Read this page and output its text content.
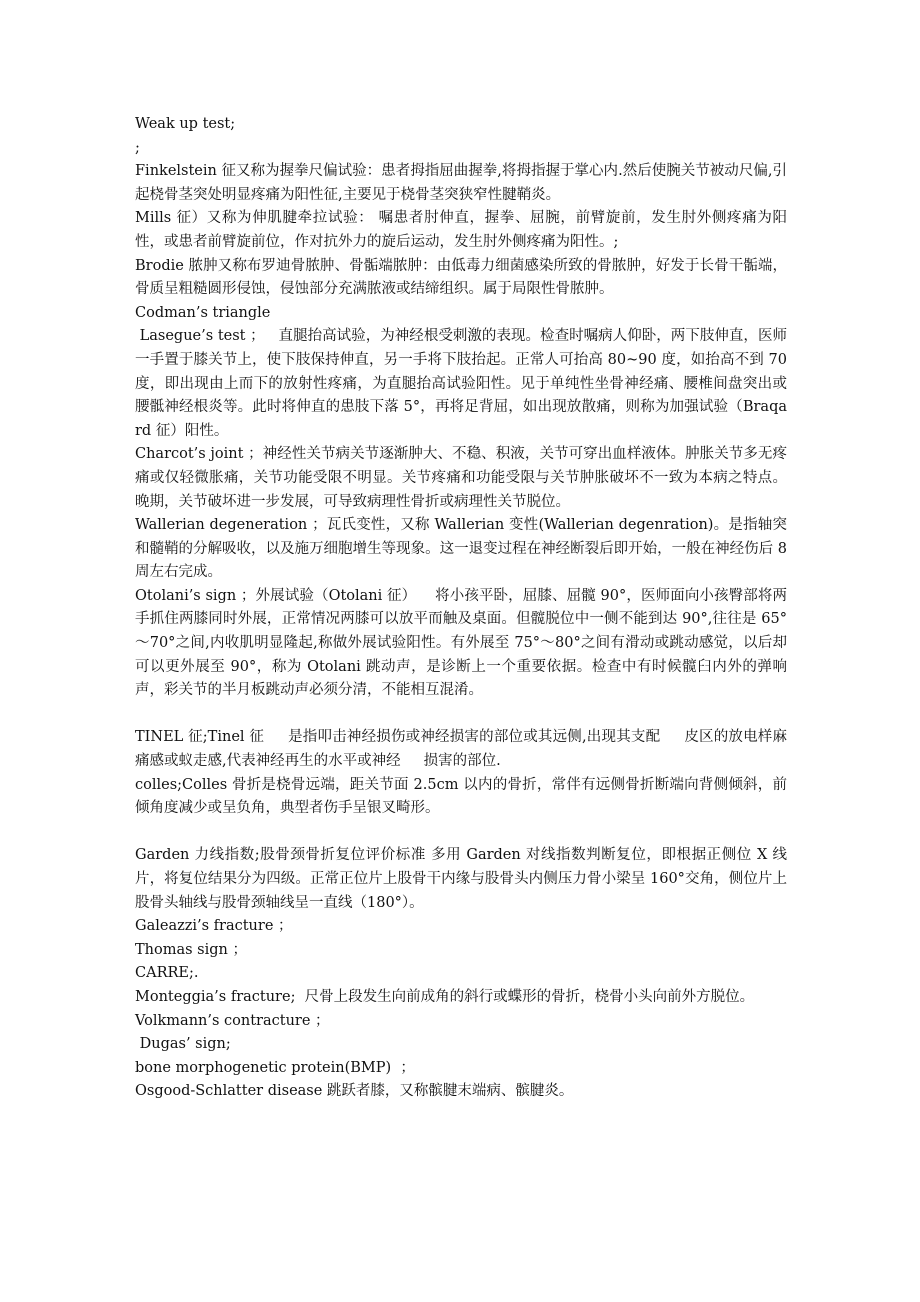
Weak up test;

;

Finkelstein 征又称为握拳尺偏试验：患者拇指屈曲握拳,将拇指握于掌心内.然后使腕关节被动尺偏,引起桡骨茎突处明显疼痛为阳性征,主要见于桡骨茎突狭窄性腱鞘炎。

Mills 征）又称为伸肌腱牵拉试验： 嘱患者肘伸直，握拳、屈腕，前臂旋前，发生肘外侧疼痛为阳性，或患者前臂旋前位，作对抗外力的旋后运动，发生肘外侧疼痛为阳性。;

Brodie 脓肿又称布罗迪骨脓肿、骨骺端脓肿：由低毒力细菌感染所致的骨脓肿，好发于长骨干骺端，骨质呈粗糙圆形侵蚀，侵蚀部分充满脓液或结缔组织。属于局限性骨脓肿。

Codman’s triangle

Lasegue’s test ；   直腿抬高试验，为神经根受刺激的表现。检查时嘱病人仰卧，两下肢伸直，医师一手置于膝关节上，使下肢保持伸直，另一手将下肢抬起。正常人可抬高 80~90 度，如抬高不到 70 度，即出现由上而下的放射性疼痛，为直腿抬高试验阳性。见于单纯性坐骨神经痛、腰椎间盘突出或腰骶神经根炎等。此时将伸直的患肢下落 5°，再将足背屈，如出现放散痛，则称为加强试验（Braqard 征）阳性。

Charcot’s joint ；神经性关节病关节逐渐肿大、不稳、积液，关节可穿出血样液体。肿胀关节多无疼痛或仅轻微胀痛，关节功能受限不明显。关节疼痛和功能受限与关节肿胀破坏不一致为本病之特点。晚期，关节破坏进一步发展，可导致病理性骨折或病理性关节脱位。

Wallerian degeneration ；瓦氏变性，又称 Wallerian 变性(Wallerian degenration)。是指轴突和髓鞘的分解吸收，以及施万细胞增生等现象。这一退变过程在神经断裂后即开始，一般在神经伤后 8 周左右完成。

Otolani’s sign ；外展试验（Otolani 征）    将小孩平卧，屈膝、屈髋 90°，医师面向小孩臀部将两手抓住两膝同时外展，正常情况两膝可以放平而触及桌面。但髋脱位中一侧不能到达 90°,往往是 65°～70°之间,内收肌明显隆起,称做外展试验阳性。有外展至 75°～80°之间有滑动或跳动感觉，以后却可以更外展至 90°，称为 Otolani 跳动声，是诊断上一个重要依据。检查中有时候髋臼内外的弹响声，彩关节的半月板跳动声必须分清，不能相互混淆。

TINEL 征;Tinel 征     是指叩击神经损伤或神经损害的部位或其远侧,出现其支配     皮区的放电样麻痛感或蚁走感,代表神经再生的水平或神经     损害的部位.

colles;Colles 骨折是桡骨远端，距关节面 2.5cm 以内的骨折，常伴有远侧骨折断端向背侧倾斜，前倾角度减少或呈负角，典型者伤手呈银叉畸形。

Garden 力线指数;股骨颈骨折复位评价标准 多用 Garden 对线指数判断复位，即根据正侧位 X 线片，将复位结果分为四级。正常正位片上股骨干内缘与股骨头内侧压力骨小梁呈 160°交角，侧位片上股骨头轴线与股骨颈轴线呈一直线（180°）。

Galeazzi’s fracture ；

Thomas sign ；

CARRE;.

Monteggia’s fracture;  尺骨上段发生向前成角的斜行或蝶形的骨折，桡骨小头向前外方脱位。

Volkmann’s contracture ；

Dugas’ sign;

bone morphogenetic protein(BMP)  ；

Osgood-Schlatter disease 跳跃者膝，又称髌腱末端病、髌腱炎。
